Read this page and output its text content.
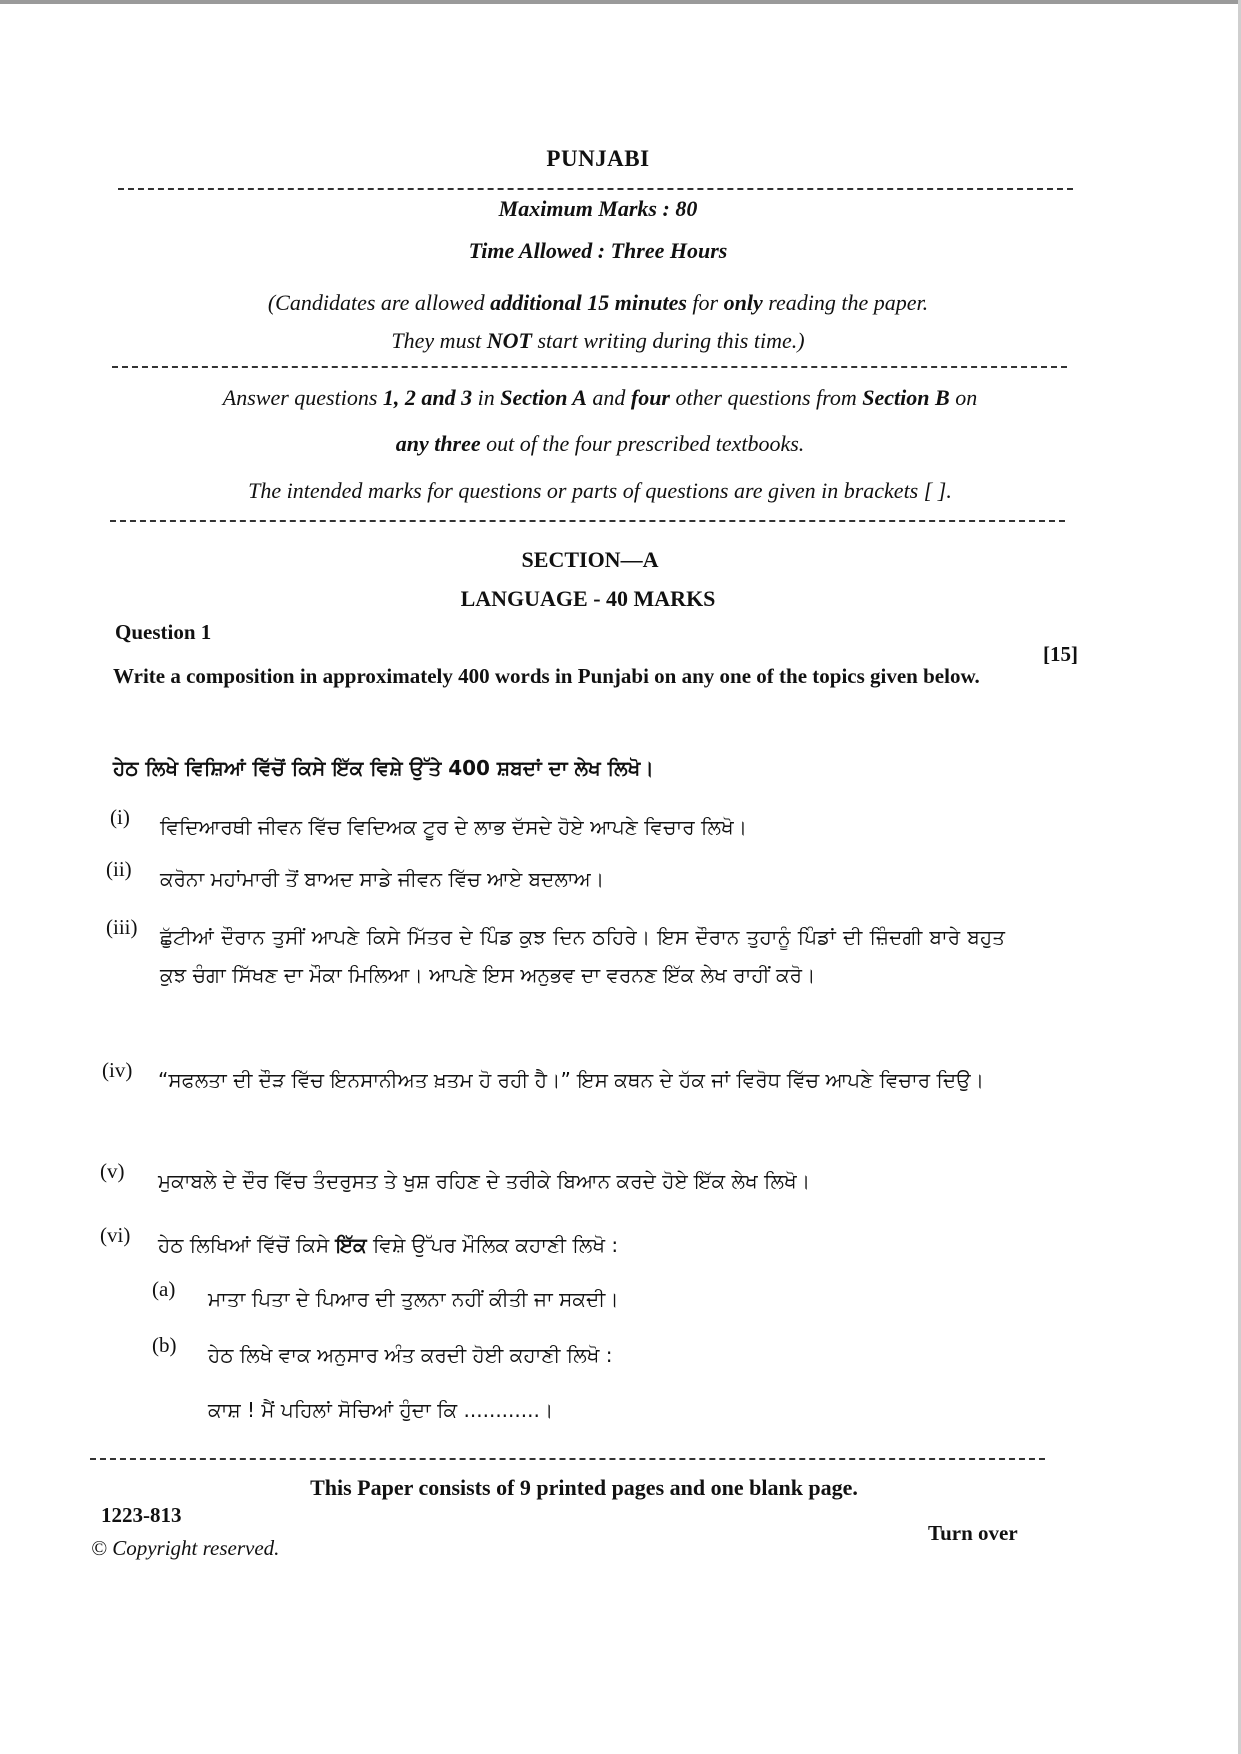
PUNJABI
Maximum Marks : 80
Time Allowed : Three Hours
(Candidates are allowed additional 15 minutes for only reading the paper.
They must NOT start writing during this time.)
Answer questions 1, 2 and 3 in Section A and four other questions from Section B on
any three out of the four prescribed textbooks.
The intended marks for questions or parts of questions are given in brackets [ ].
SECTION—A
LANGUAGE - 40 MARKS
Question 1
[15]
Write a composition in approximately 400 words in Punjabi on any one of the topics given below.
ਹੇਠ ਲਿਖੇ ਵਿਸ਼ਿਆਂ ਵਿੱਚੋਂ ਕਿਸੇ ਇੱਕ ਵਿਸ਼ੇ ਉੱਤੇ 400 ਸ਼ਬਦਾਂ ਦਾ ਲੇਖ ਲਿਖੋ।
(i) ਵਿਦਿਆਰਥੀ ਜੀਵਨ ਵਿੱਚ ਵਿਦਿਅਕ ਟੂਰ ਦੇ ਲਾਭ ਦੱਸਦੇ ਹੋਏ ਆਪਣੇ ਵਿਚਾਰ ਲਿਖੋ।
(ii) ਕਰੋਨਾ ਮਹਾਂਮਾਰੀ ਤੋਂ ਬਾਅਦ ਸਾਡੇ ਜੀਵਨ ਵਿੱਚ ਆਏ ਬਦਲਾਅ।
(iii) ਛੁੱਟੀਆਂ ਦੌਰਾਨ ਤੁਸੀਂ ਆਪਣੇ ਕਿਸੇ ਮਿੱਤਰ ਦੇ ਪਿੰਡ ਕੁਝ ਦਿਨ ਠਹਿਰੇ। ਇਸ ਦੌਰਾਨ ਤੁਹਾਨੂੰ ਪਿੰਡਾਂ ਦੀ ਜ਼ਿੰਦਗੀ ਬਾਰੇ ਬਹੁਤ ਕੁਝ ਚੰਗਾ ਸਿੱਖਣ ਦਾ ਮੌਕਾ ਮਿਲਿਆ। ਆਪਣੇ ਇਸ ਅਨੁਭਵ ਦਾ ਵਰਨਣ ਇੱਕ ਲੇਖ ਰਾਹੀਂ ਕਰੋ।
(iv) “ਸਫਲਤਾ ਦੀ ਦੌੜ ਵਿੱਚ ਇਨਸਾਨੀਅਤ ਖ਼ਤਮ ਹੋ ਰਹੀ ਹੈ।” ਇਸ ਕਥਨ ਦੇ ਹੱਕ ਜਾਂ ਵਿਰੋਧ ਵਿੱਚ ਆਪਣੇ ਵਿਚਾਰ ਦਿਉ।
(v) ਮੁਕਾਬਲੇ ਦੇ ਦੌਰ ਵਿੱਚ ਤੰਦਰੁਸਤ ਤੇ ਖੁਸ਼ ਰਹਿਣ ਦੇ ਤਰੀਕੇ ਬਿਆਨ ਕਰਦੇ ਹੋਏ ਇੱਕ ਲੇਖ ਲਿਖੋ।
(vi) ਹੇਠ ਲਿਖਿਆਂ ਵਿੱਚੋਂ ਕਿਸੇ ਇੱਕ ਵਿਸ਼ੇ ਉੱਪਰ ਮੌਲਿਕ ਕਹਾਣੀ ਲਿਖੋ :
(a) ਮਾਤਾ ਪਿਤਾ ਦੇ ਪਿਆਰ ਦੀ ਤੁਲਨਾ ਨਹੀਂ ਕੀਤੀ ਜਾ ਸਕਦੀ।
(b) ਹੇਠ ਲਿਖੇ ਵਾਕ ਅਨੁਸਾਰ ਅੰਤ ਕਰਦੀ ਹੋਈ ਕਹਾਣੀ ਲਿਖੋ :
ਕਾਸ਼ ! ਮੈਂ ਪਹਿਲਾਂ ਸੋਚਿਆਂ ਹੁੰਦਾ ਕਿ ............।
This Paper consists of 9 printed pages and one blank page.
1223-813
© Copyright reserved.
Turn over
